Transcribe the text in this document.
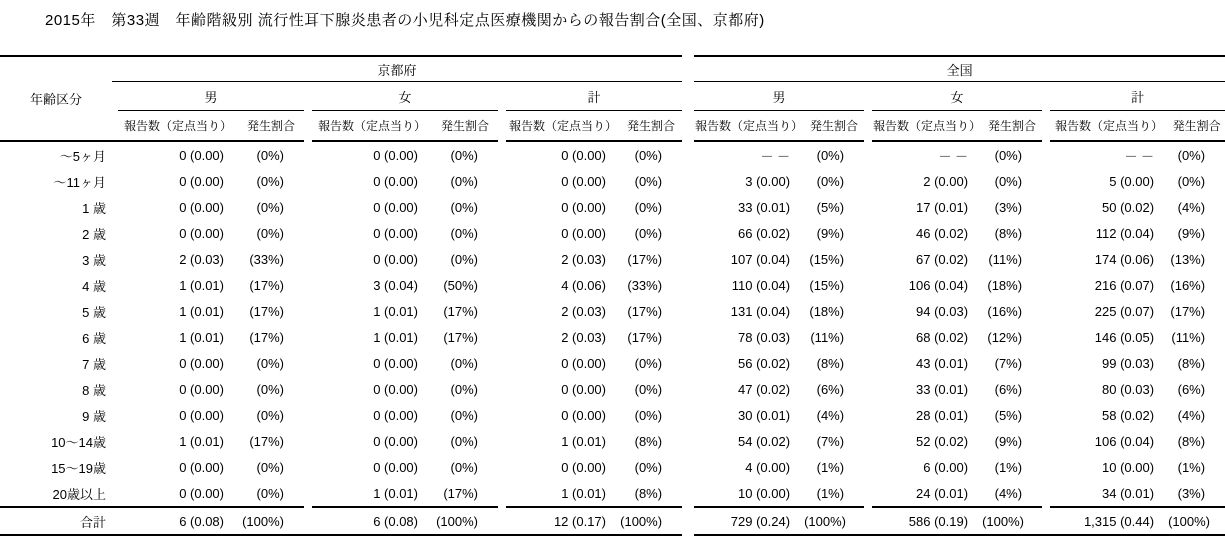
2015年　第33週　年齢階級別 流行性耳下腺炎患者の小児科定点医療機関からの報告割合(全国、京都府)
年齢区分	京都府										全国							
		男			女			計			男			女			計	
		報告数（定点当り）	発生割合		報告数（定点当り）	発生割合		報告数（定点当り）	発生割合		報告数（定点当り）	発生割合		報告数（定点当り）	発生割合		報告数（定点当り）	発生割合
～5ヶ月		0 (0.00)	(0%)		0 (0.00)	(0%)		0 (0.00)	(0%)		－ －	(0%)		－ －	(0%)		－ －	(0%)
～11ヶ月		0 (0.00)	(0%)		0 (0.00)	(0%)		0 (0.00)	(0%)		3 (0.00)	(0%)		2 (0.00)	(0%)		5 (0.00)	(0%)
1 歳		0 (0.00)	(0%)		0 (0.00)	(0%)		0 (0.00)	(0%)		33 (0.01)	(5%)		17 (0.01)	(3%)		50 (0.02)	(4%)
2 歳		0 (0.00)	(0%)		0 (0.00)	(0%)		0 (0.00)	(0%)		66 (0.02)	(9%)		46 (0.02)	(8%)		112 (0.04)	(9%)
3 歳		2 (0.03)	(33%)		0 (0.00)	(0%)		2 (0.03)	(17%)		107 (0.04)	(15%)		67 (0.02)	(11%)		174 (0.06)	(13%)
4 歳		1 (0.01)	(17%)		3 (0.04)	(50%)		4 (0.06)	(33%)		110 (0.04)	(15%)		106 (0.04)	(18%)		216 (0.07)	(16%)
5 歳		1 (0.01)	(17%)		1 (0.01)	(17%)		2 (0.03)	(17%)		131 (0.04)	(18%)		94 (0.03)	(16%)		225 (0.07)	(17%)
6 歳		1 (0.01)	(17%)		1 (0.01)	(17%)		2 (0.03)	(17%)		78 (0.03)	(11%)		68 (0.02)	(12%)		146 (0.05)	(11%)
7 歳		0 (0.00)	(0%)		0 (0.00)	(0%)		0 (0.00)	(0%)		56 (0.02)	(8%)		43 (0.01)	(7%)		99 (0.03)	(8%)
8 歳		0 (0.00)	(0%)		0 (0.00)	(0%)		0 (0.00)	(0%)		47 (0.02)	(6%)		33 (0.01)	(6%)		80 (0.03)	(6%)
9 歳		0 (0.00)	(0%)		0 (0.00)	(0%)		0 (0.00)	(0%)		30 (0.01)	(4%)		28 (0.01)	(5%)		58 (0.02)	(4%)
10～14歳		1 (0.01)	(17%)		0 (0.00)	(0%)		1 (0.01)	(8%)		54 (0.02)	(7%)		52 (0.02)	(9%)		106 (0.04)	(8%)
15～19歳		0 (0.00)	(0%)		0 (0.00)	(0%)		0 (0.00)	(0%)		4 (0.00)	(1%)		6 (0.00)	(1%)		10 (0.00)	(1%)
20歳以上		0 (0.00)	(0%)		1 (0.01)	(17%)		1 (0.01)	(8%)		10 (0.00)	(1%)		24 (0.01)	(4%)		34 (0.01)	(3%)
合計		6 (0.08)	(100%)		6 (0.08)	(100%)		12 (0.17)	(100%)		729 (0.24)	(100%)		586 (0.19)	(100%)		1,315 (0.44)	(100%)
